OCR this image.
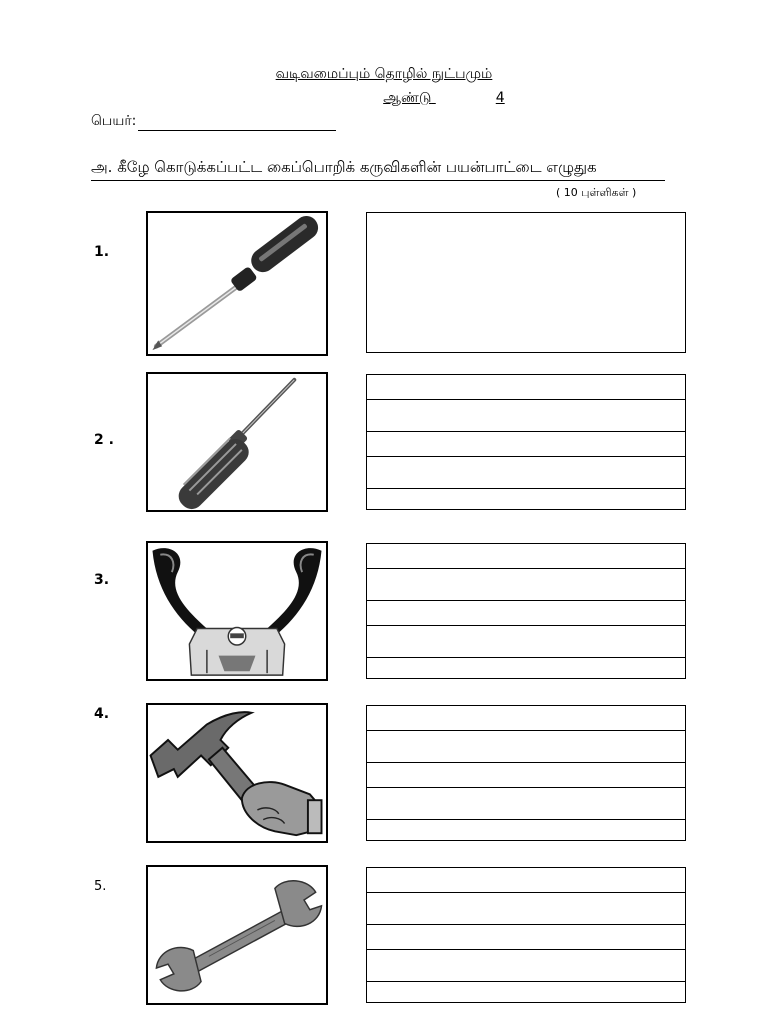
வடிவமைப்பும் தொழில் நுட்பமும்
ஆண்டு	4
பெயர்:
அ. கீழே கொடுக்கப்பட்ட கைப்பொறிக் கருவிகளின் பயன்பாட்டை எழுதுக
( 10 புள்ளிகள் )
1.
2 .
3.
4.
5.
